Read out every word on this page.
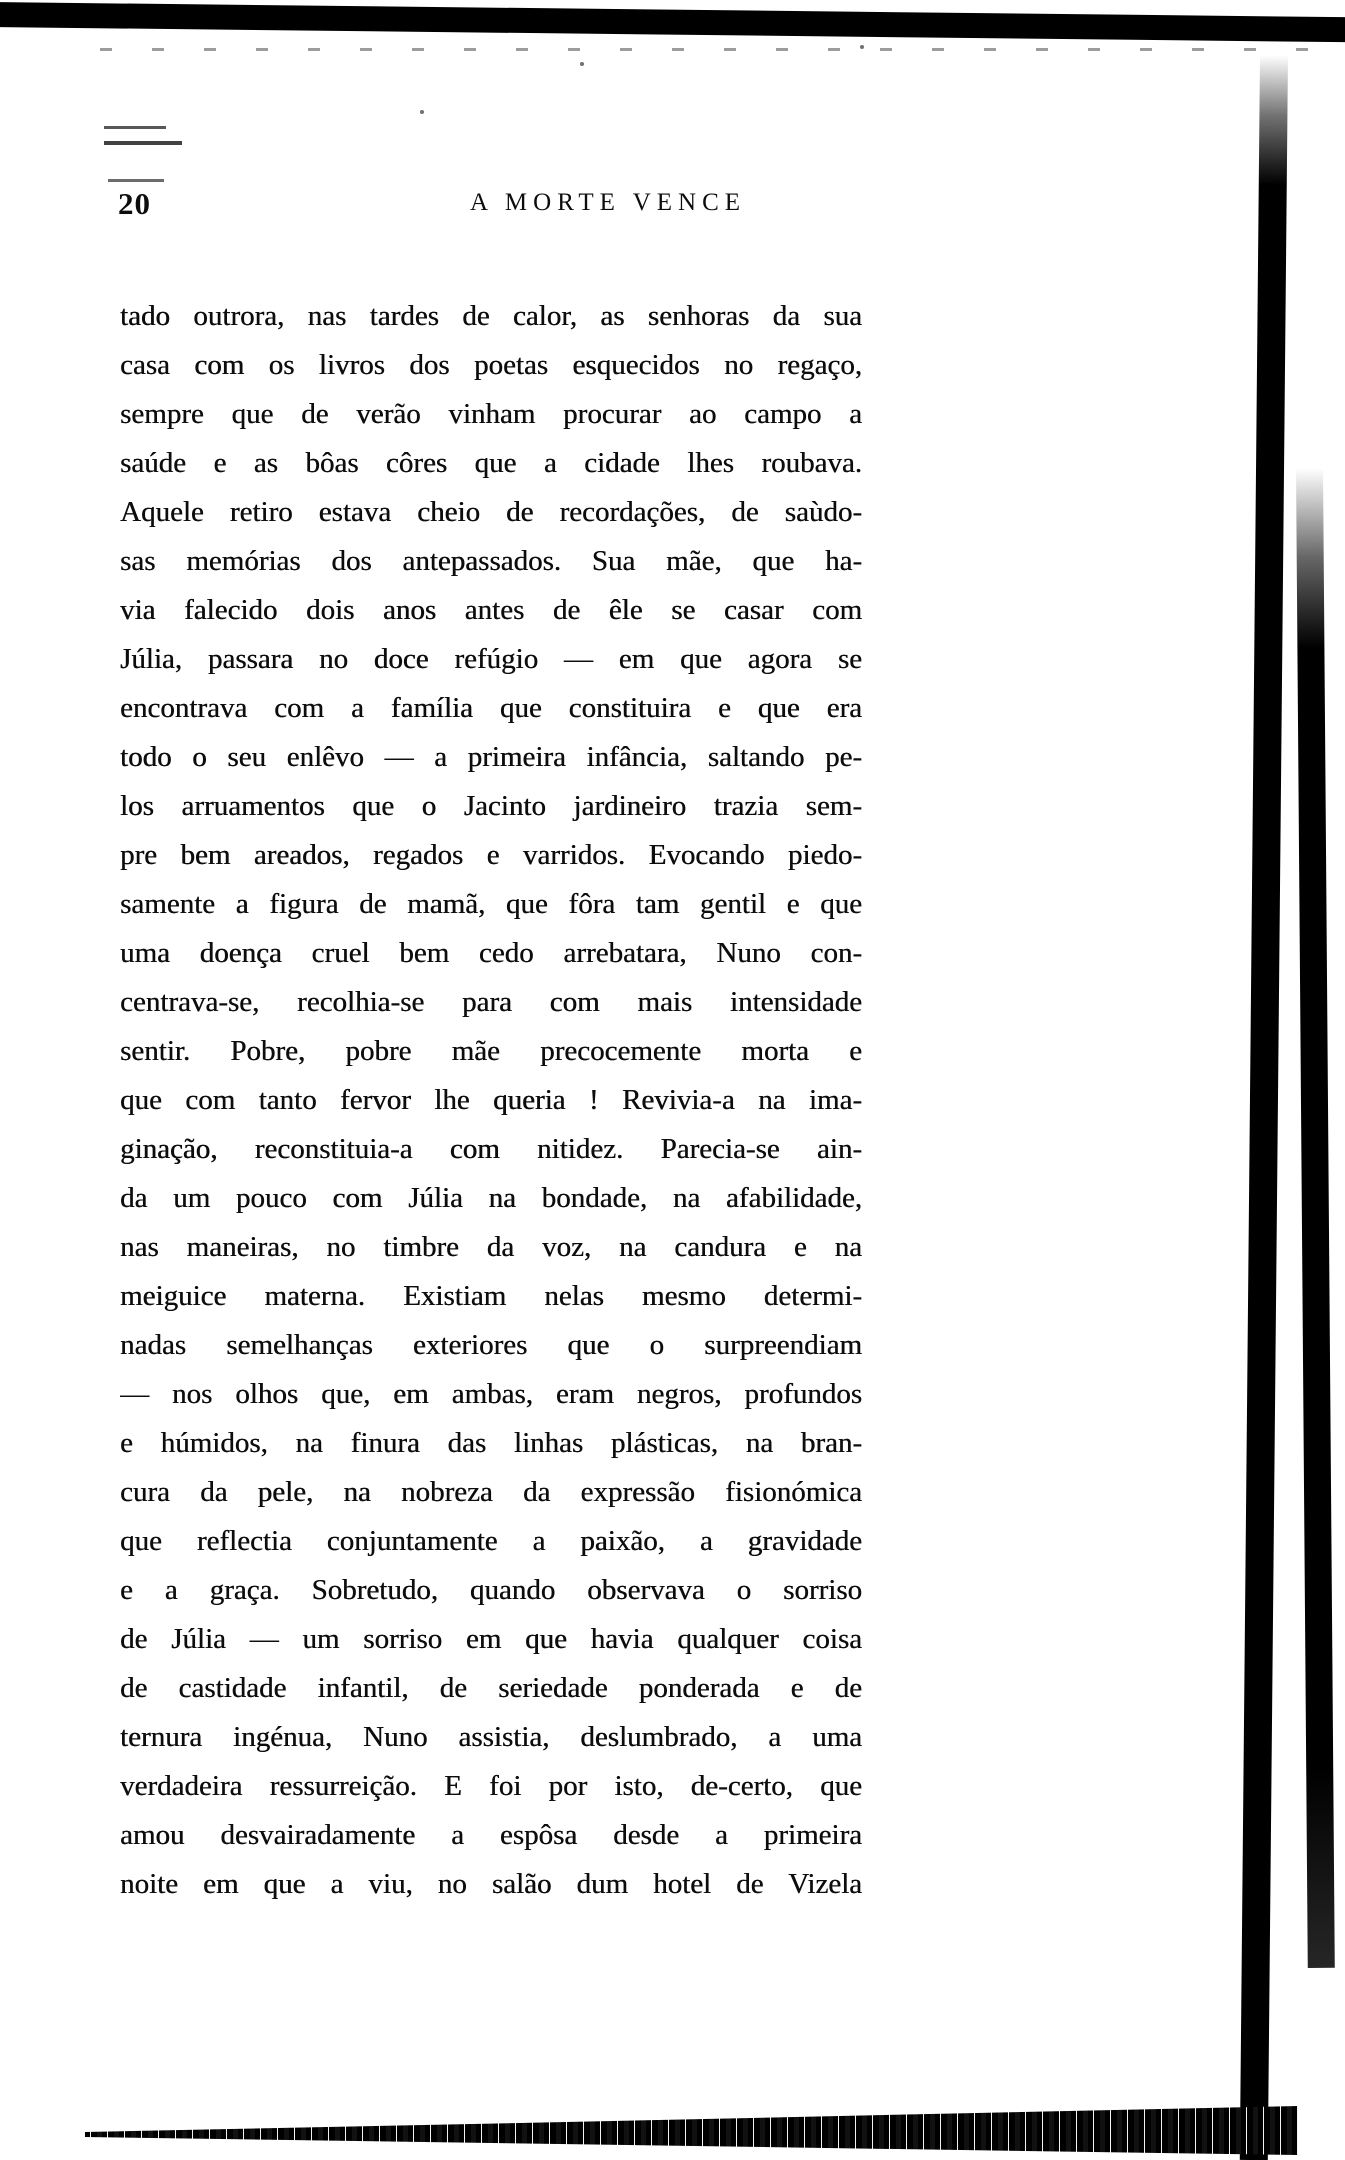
20	A MORTE VENCE
tado outrora, nas tardes de calor, as senhoras da sua
casa com os livros dos poetas esquecidos no regaço,
sempre que de verão vinham procurar ao campo a
saúde e as bôas côres que a cidade lhes roubava.
Aquele retiro estava cheio de recordações, de saùdo-
sas memórias dos antepassados. Sua mãe, que ha-
via falecido dois anos antes de êle se casar com
Júlia, passara no doce refúgio — em que agora se
encontrava com a família que constituira e que era
todo o seu enlêvo — a primeira infância, saltando pe-
los arruamentos que o Jacinto jardineiro trazia sem-
pre bem areados, regados e varridos. Evocando piedo-
samente a figura de mamã, que fôra tam gentil e que
uma doença cruel bem cedo arrebatara, Nuno con-
centrava-se, recolhia-se para com mais intensidade
sentir. Pobre, pobre mãe precocemente morta e
que com tanto fervor lhe queria ! Revivia-a na ima-
ginação, reconstituia-a com nitidez. Parecia-se ain-
da um pouco com Júlia na bondade, na afabilidade,
nas maneiras, no timbre da voz, na candura e na
meiguice materna. Existiam nelas mesmo determi-
nadas semelhanças exteriores que o surpreendiam
— nos olhos que, em ambas, eram negros, profundos
e húmidos, na finura das linhas plásticas, na bran-
cura da pele, na nobreza da expressão fisionómica
que reflectia conjuntamente a paixão, a gravidade
e a graça. Sobretudo, quando observava o sorriso
de Júlia — um sorriso em que havia qualquer coisa
de castidade infantil, de seriedade ponderada e de
ternura ingénua, Nuno assistia, deslumbrado, a uma
verdadeira ressurreição. E foi por isto, de-certo, que
amou desvairadamente a espôsa desde a primeira
noite em que a viu, no salão dum hotel de Vizela
